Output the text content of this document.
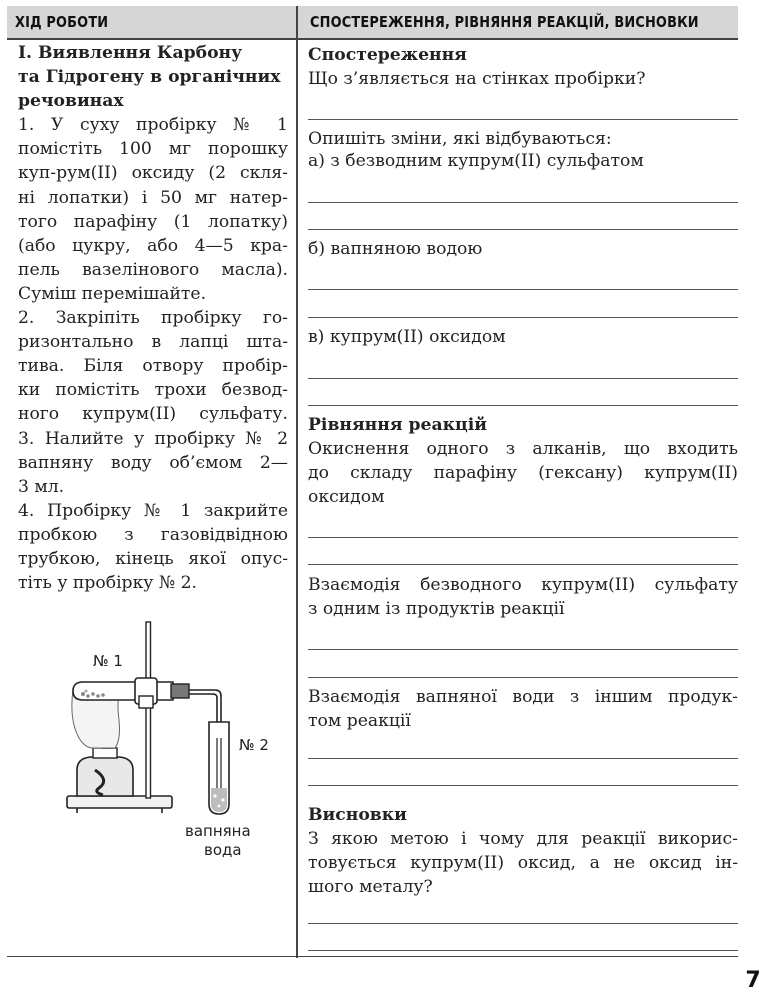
ХІД РОБОТИ	СПОСТЕРЕЖЕННЯ, РІВНЯННЯ РЕАКЦІЙ, ВИСНОВКИ

I. Виявлення Карбону

та Гідрогену в органічних

речовинах

1. У суху пробірку № 1

помістіть 100 мг порошку

куп-рум(ІІ) оксиду (2 скля-

ні лопатки) і 50 мг натер-

того парафіну (1 лопатку)

(або цукру, або 4—5 кра-

пель вазелінового масла).

Суміш перемішайте.

2. Закріпіть пробірку го-

ризонтально в лапці шта-

тива. Біля отвору пробір-

ки помістіть трохи безвод-

ного купрум(ІІ) сульфату.

3. Налийте у пробірку № 2

вапняну воду об’ємом 2—

3 мл.

4. Пробірку № 1 закрийте

пробкою з газовідвідною

трубкою, кінець якої опус-

тіть у пробірку № 2.

№ 1
№ 2
вапняна
вода
Спостереження
Що з’являється на стінках пробірки?
Опишіть зміни, які відбуваються:
а) з безводним купрум(ІІ) сульфатом
б) вапняною водою
в) купрум(ІІ) оксидом
Рівняння реакцій
Окиснення одного з алканів, що входить
до складу парафіну (гексану) купрум(ІІ)
оксидом
Взаємодія безводного купрум(ІІ) сульфату
з одним із продуктів реакції
Взаємодія вапняної води з іншим продук-
том реакції
Висновки
З якою метою і чому для реакції викорис-
товується купрум(ІІ) оксид, а не оксид ін-
шого металу?
7
